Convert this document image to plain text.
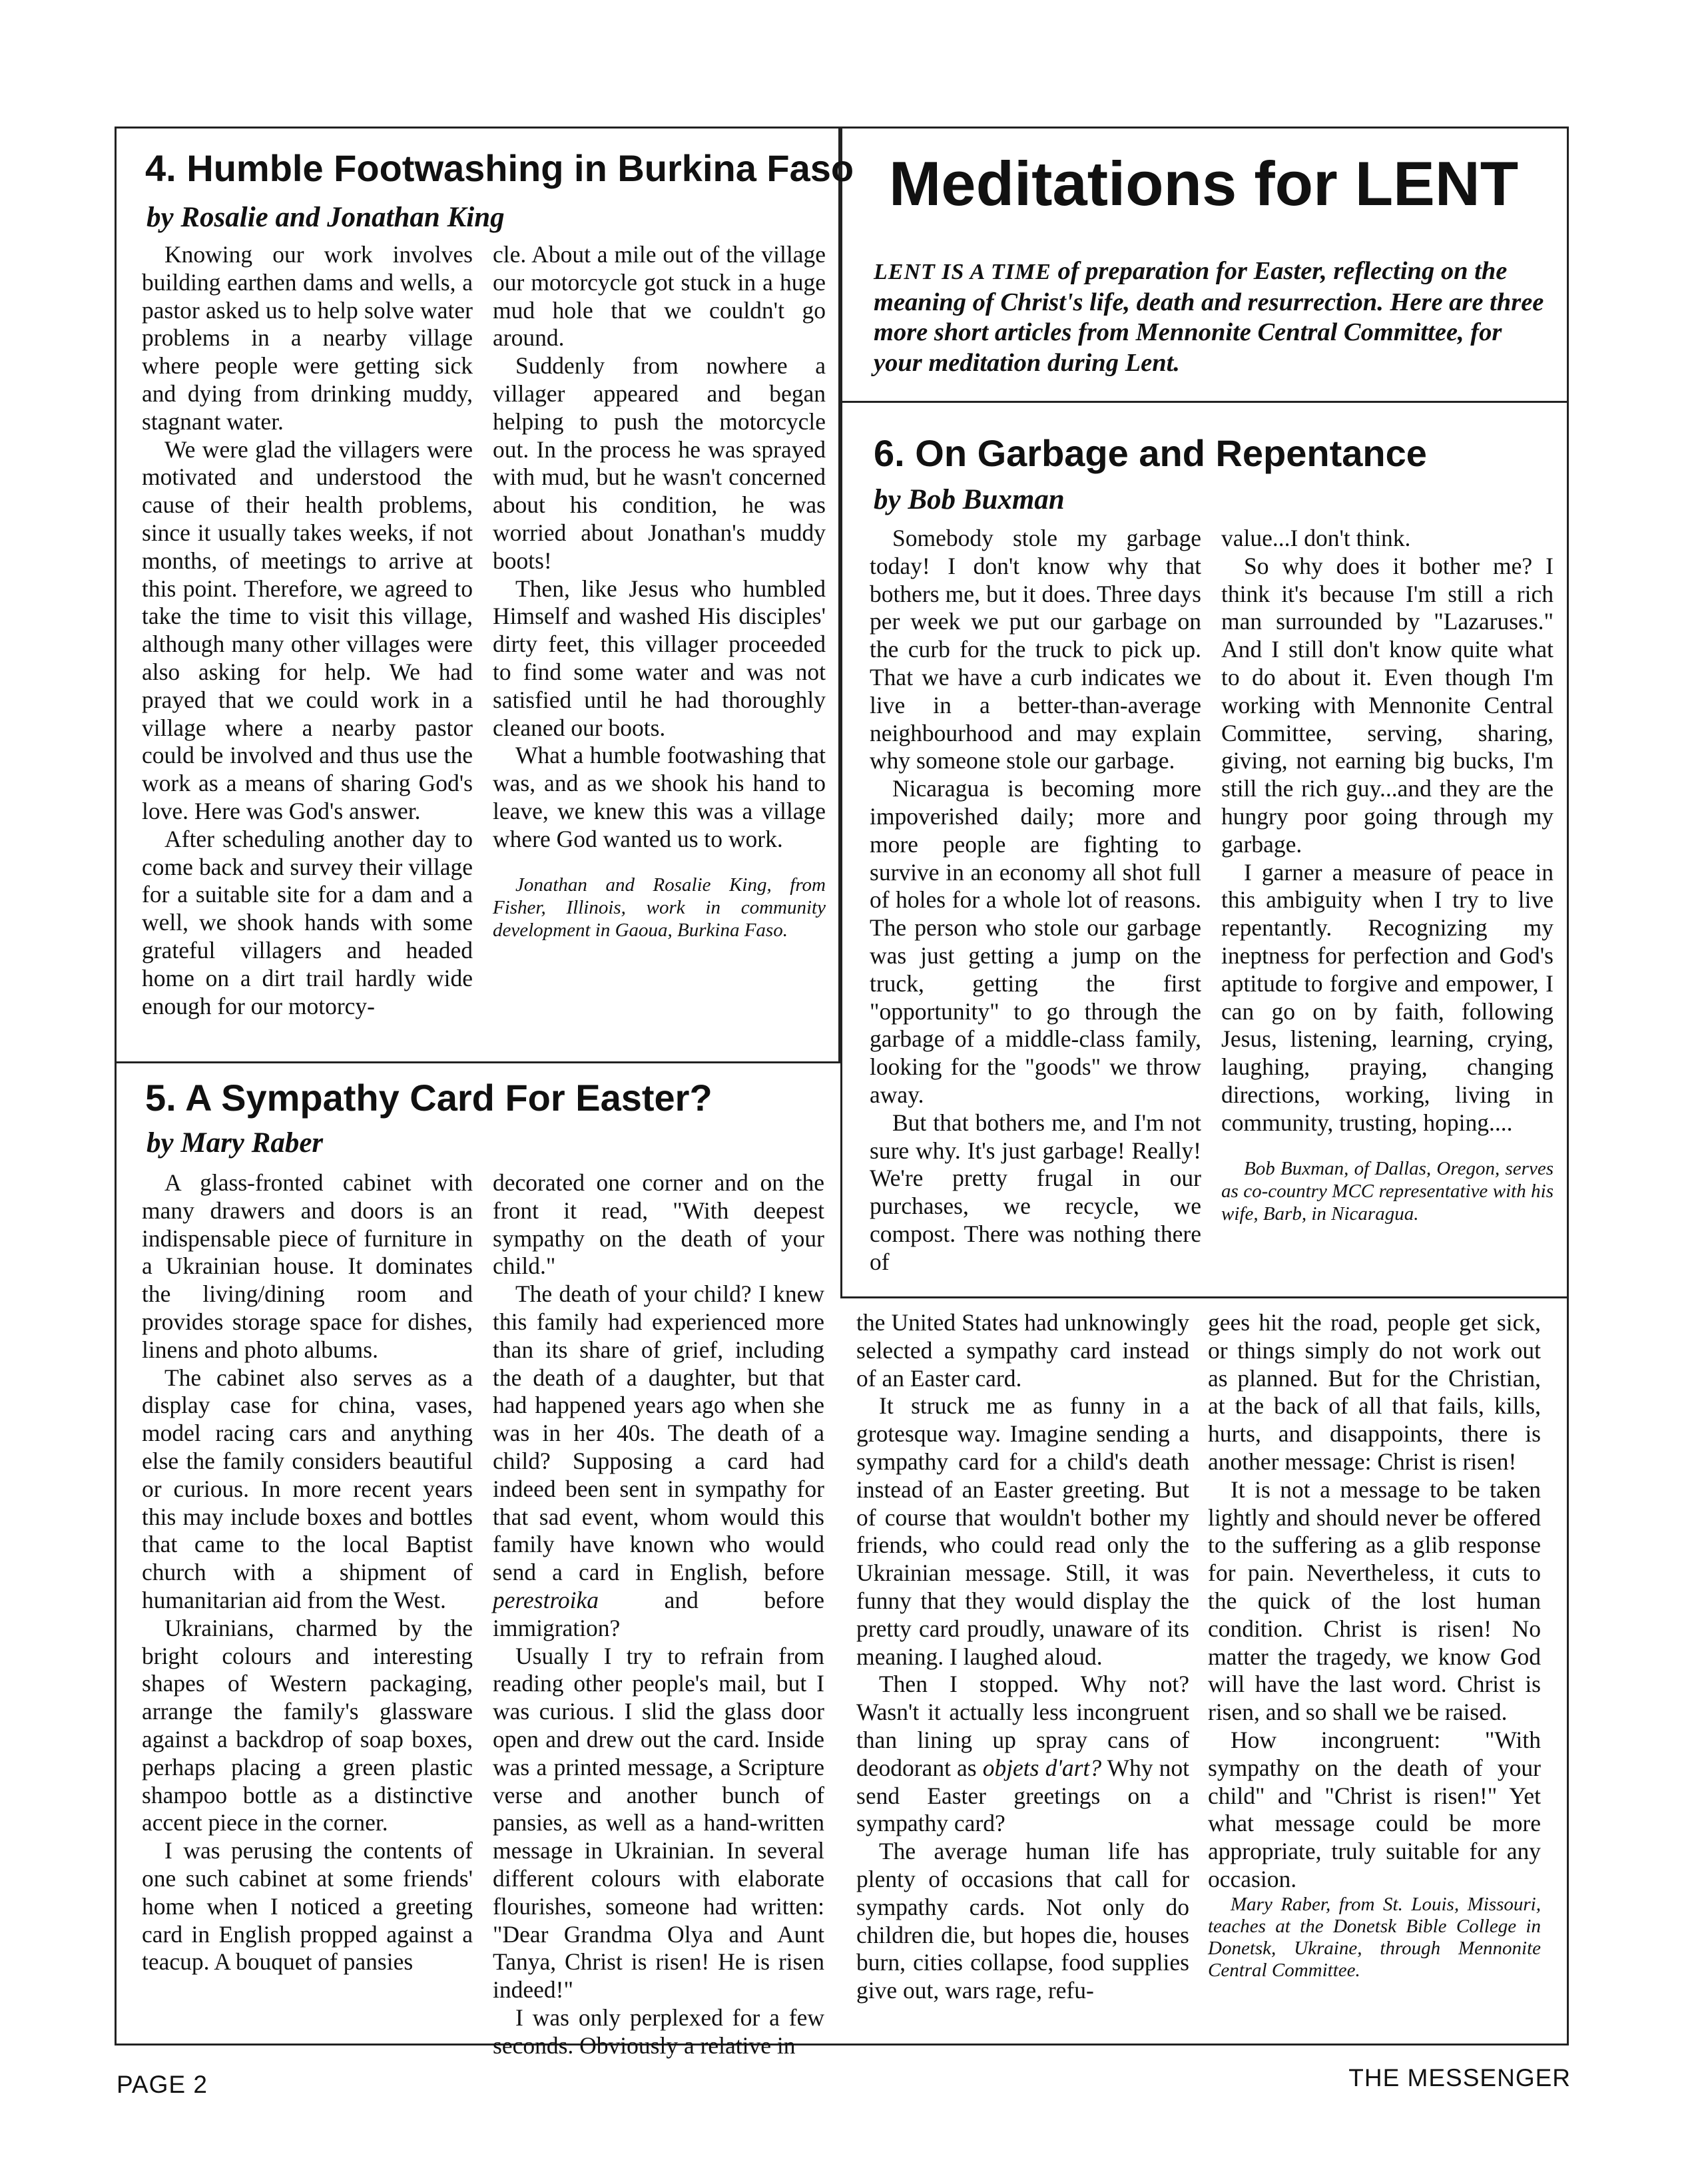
Meditations for LENT

LENT IS A TIME of preparation for Easter, reflecting on the meaning of Christ's life, death and resurrection. Here are three more short articles from Mennonite Central Committee, for your meditation during Lent.

4. Humble Footwashing in Burkina Faso

by Rosalie and Jonathan King

Knowing our work involves building earthen dams and wells, a pastor asked us to help solve water problems in a nearby village where people were getting sick and dying from drinking muddy, stagnant water.

We were glad the villagers were motivated and understood the cause of their health problems, since it usually takes weeks, if not months, of meetings to arrive at this point. Therefore, we agreed to take the time to visit this village, although many other villages were also asking for help. We had prayed that we could work in a village where a nearby pastor could be involved and thus use the work as a means of sharing God's love. Here was God's answer.

After scheduling another day to come back and survey their village for a suitable site for a dam and a well, we shook hands with some grateful villagers and headed home on a dirt trail hardly wide enough for our motorcy-

cle. About a mile out of the village our motorcycle got stuck in a huge mud hole that we couldn't go around.

Suddenly from nowhere a villager appeared and began helping to push the motorcycle out. In the process he was sprayed with mud, but he wasn't concerned about his condition, he was worried about Jonathan's muddy boots!

Then, like Jesus who humbled Himself and washed His disciples' dirty feet, this villager proceeded to find some water and was not satisfied until he had thoroughly cleaned our boots.

What a humble footwashing that was, and as we shook his hand to leave, we knew this was a village where God wanted us to work.

Jonathan and Rosalie King, from Fisher, Illinois, work in community development in Gaoua, Burkina Faso.

6. On Garbage and Repentance

by Bob Buxman

Somebody stole my garbage today! I don't know why that bothers me, but it does. Three days per week we put our garbage on the curb for the truck to pick up. That we have a curb indicates we live in a better-than-average neighbourhood and may explain why someone stole our garbage.

Nicaragua is becoming more impoverished daily; more and more people are fighting to survive in an economy all shot full of holes for a whole lot of reasons. The person who stole our garbage was just getting a jump on the truck, getting the first "opportunity" to go through the garbage of a middle-class family, looking for the "goods" we throw away.

But that bothers me, and I'm not sure why. It's just garbage! Really! We're pretty frugal in our purchases, we recycle, we compost. There was nothing there of

value...I don't think.

So why does it bother me? I think it's because I'm still a rich man surrounded by "Lazaruses." And I still don't know quite what to do about it. Even though I'm working with Mennonite Central Committee, serving, sharing, giving, not earning big bucks, I'm still the rich guy...and they are the hungry poor going through my garbage.

I garner a measure of peace in this ambiguity when I try to live repentantly. Recognizing my ineptness for perfection and God's aptitude to forgive and empower, I can go on by faith, following Jesus, listening, learning, crying, laughing, praying, changing directions, working, living in community, trusting, hoping....

Bob Buxman, of Dallas, Oregon, serves as co-country MCC representative with his wife, Barb, in Nicaragua.

5. A Sympathy Card For Easter?

by Mary Raber

A glass-fronted cabinet with many drawers and doors is an indispensable piece of furniture in a Ukrainian house. It dominates the living/dining room and provides storage space for dishes, linens and photo albums.

The cabinet also serves as a display case for china, vases, model racing cars and anything else the family considers beautiful or curious. In more recent years this may include boxes and bottles that came to the local Baptist church with a shipment of humanitarian aid from the West.

Ukrainians, charmed by the bright colours and interesting shapes of Western packaging, arrange the family's glassware against a backdrop of soap boxes, perhaps placing a green plastic shampoo bottle as a distinctive accent piece in the corner.

I was perusing the contents of one such cabinet at some friends' home when I noticed a greeting card in English propped against a teacup. A bouquet of pansies

decorated one corner and on the front it read, "With deepest sympathy on the death of your child."

The death of your child? I knew this family had experienced more than its share of grief, including the death of a daughter, but that had happened years ago when she was in her 40s. The death of a child? Supposing a card had indeed been sent in sympathy for that sad event, whom would this family have known who would send a card in English, before perestroika and before immigration?

Usually I try to refrain from reading other people's mail, but I was curious. I slid the glass door open and drew out the card. Inside was a printed message, a Scripture verse and another bunch of pansies, as well as a hand-written message in Ukrainian. In several different colours with elaborate flourishes, someone had written: "Dear Grandma Olya and Aunt Tanya, Christ is risen! He is risen indeed!"

I was only perplexed for a few seconds. Obviously a relative in

the United States had unknowingly selected a sympathy card instead of an Easter card.

It struck me as funny in a grotesque way. Imagine sending a sympathy card for a child's death instead of an Easter greeting. But of course that wouldn't bother my friends, who could read only the Ukrainian message. Still, it was funny that they would display the pretty card proudly, unaware of its meaning. I laughed aloud.

Then I stopped. Why not? Wasn't it actually less incongruent than lining up spray cans of deodorant as objets d'art? Why not send Easter greetings on a sympathy card?

The average human life has plenty of occasions that call for sympathy cards. Not only do children die, but hopes die, houses burn, cities collapse, food supplies give out, wars rage, refu-

gees hit the road, people get sick, or things simply do not work out as planned. But for the Christian, at the back of all that fails, kills, hurts, and disappoints, there is another message: Christ is risen!

It is not a message to be taken lightly and should never be offered to the suffering as a glib response for pain. Nevertheless, it cuts to the quick of the lost human condition. Christ is risen! No matter the tragedy, we know God will have the last word. Christ is risen, and so shall we be raised.

How incongruent: "With sympathy on the death of your child" and "Christ is risen!" Yet what message could be more appropriate, truly suitable for any occasion.

Mary Raber, from St. Louis, Missouri, teaches at the Donetsk Bible College in Donetsk, Ukraine, through Mennonite Central Committee.

PAGE 2	THE MESSENGER
